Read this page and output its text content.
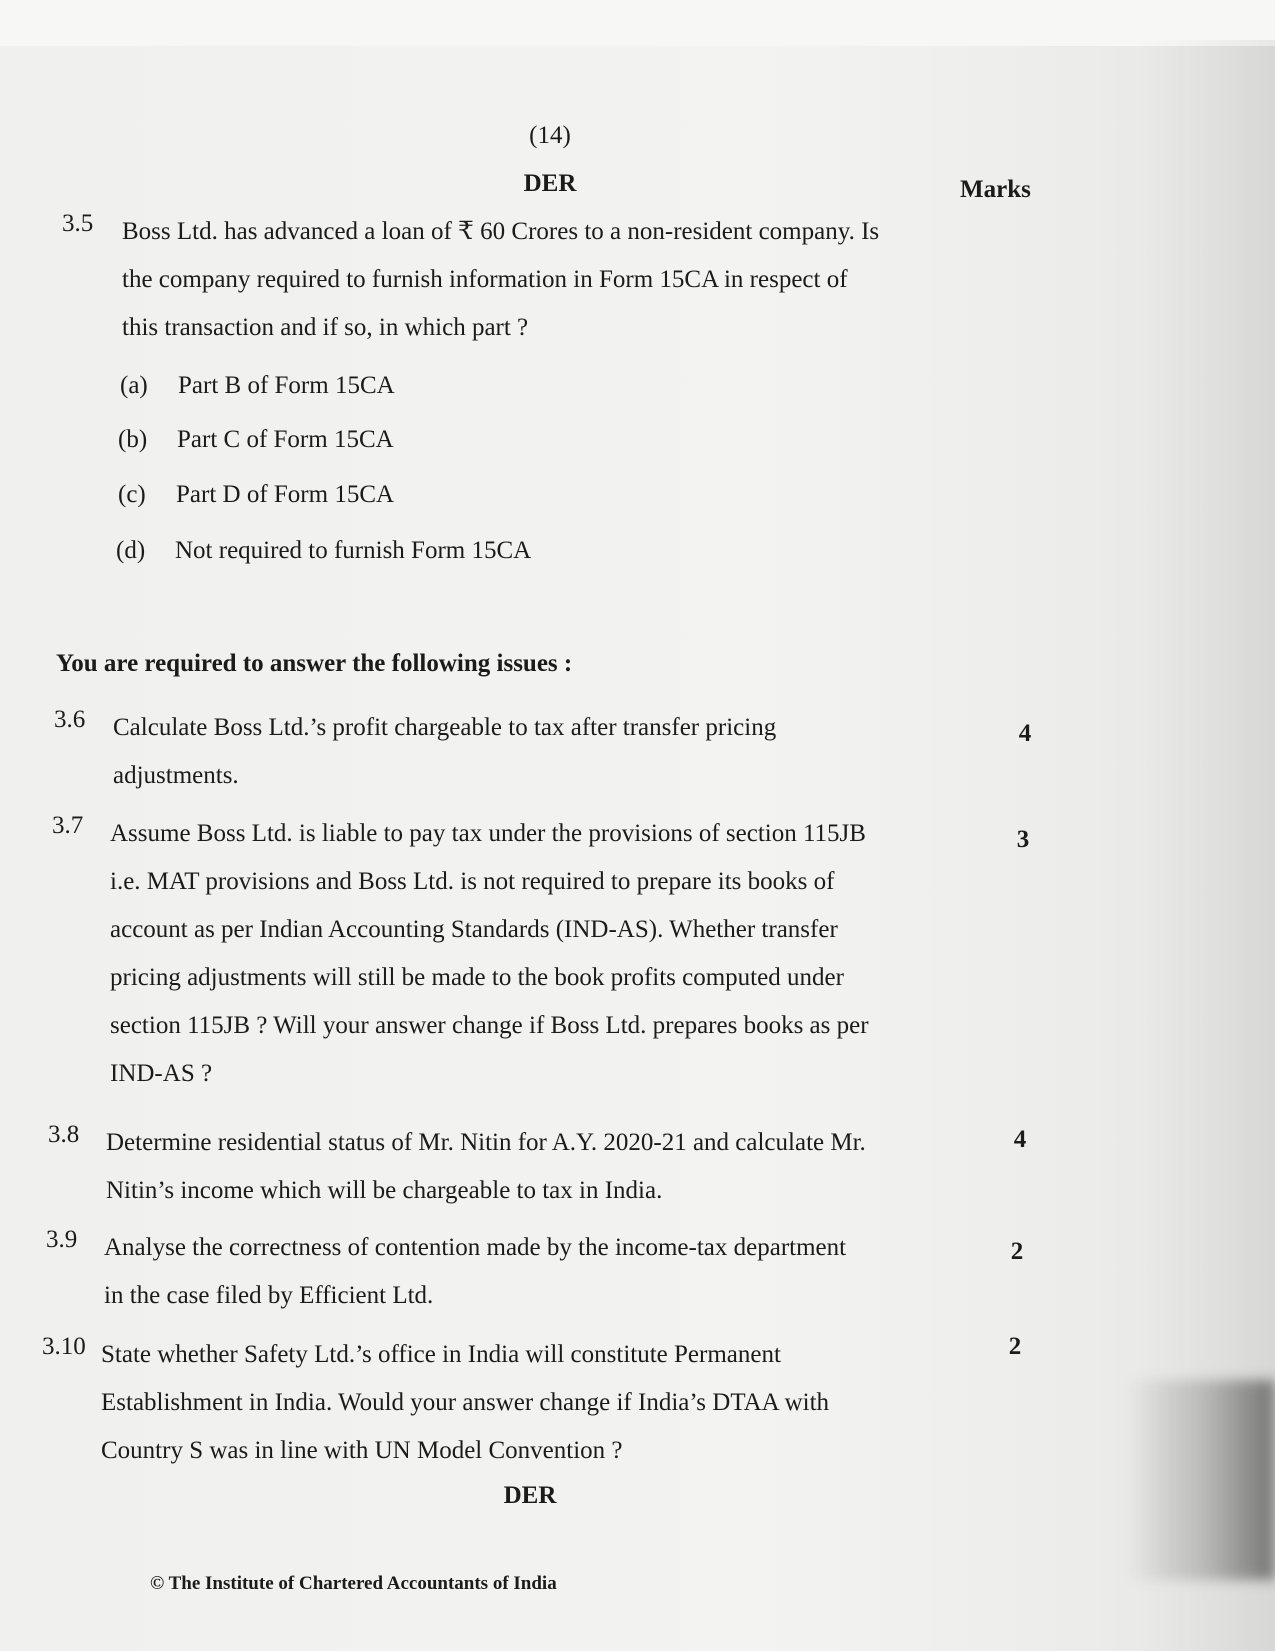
(14)
DER	Marks
3.5 Boss Ltd. has advanced a loan of ₹ 60 Crores to a non-resident company. Is
the company required to furnish information in Form 15CA in respect of
this transaction and if so, in which part ?
(a) Part B of Form 15CA
(b) Part C of Form 15CA
(c) Part D of Form 15CA
(d) Not required to furnish Form 15CA
You are required to answer the following issues :
3.6 Calculate Boss Ltd.’s profit chargeable to tax after transfer pricing
adjustments.
4
3.7 Assume Boss Ltd. is liable to pay tax under the provisions of section 115JB
i.e. MAT provisions and Boss Ltd. is not required to prepare its books of
account as per Indian Accounting Standards (IND-AS). Whether transfer
pricing adjustments will still be made to the book profits computed under
section 115JB ? Will your answer change if Boss Ltd. prepares books as per
IND-AS ?
3
3.8 Determine residential status of Mr. Nitin for A.Y. 2020-21 and calculate Mr.
Nitin’s income which will be chargeable to tax in India.
4
3.9 Analyse the correctness of contention made by the income-tax department
in the case filed by Efficient Ltd.
2
3.10 State whether Safety Ltd.’s office in India will constitute Permanent
Establishment in India. Would your answer change if India’s DTAA with
Country S was in line with UN Model Convention ?
2
DER
© The Institute of Chartered Accountants of India
